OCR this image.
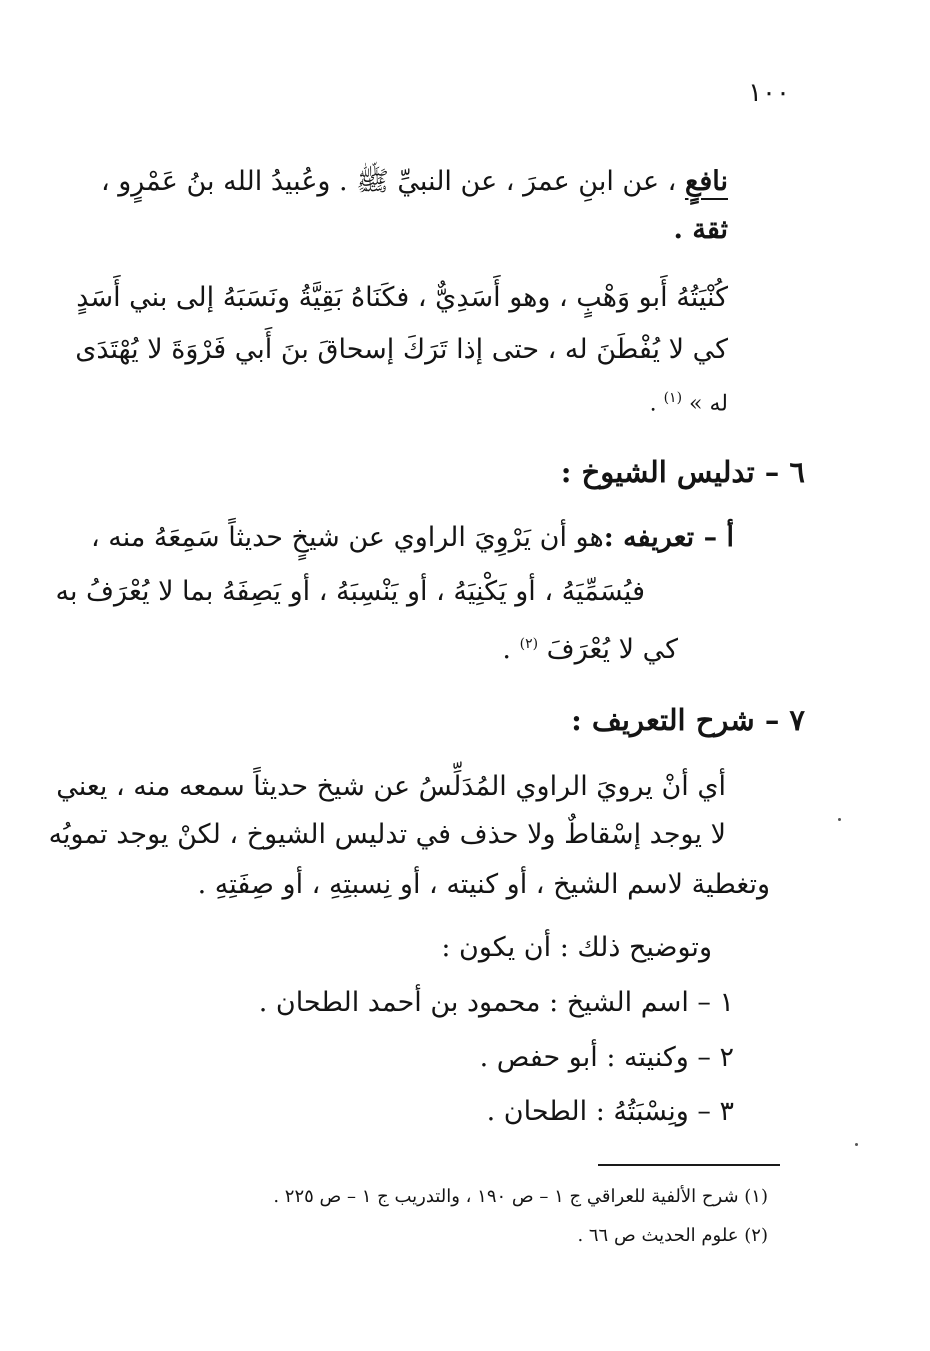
١٠٠
نافعٍ ، عن ابنِ عمرَ ، عن النبيِّ ﷺ . وعُبيدُ الله بنُ عَمْرٍو ،
ثقة .
كُنْيَتُهُ أَبو وَهْبٍ ، وهو أَسَدِيٌّ ، فكَنَاهُ بَقِيَّةُ ونَسَبَهُ إلى بني أَسَدٍ
كي لا يُفْطَنَ له ، حتى إذا تَرَكَ إسحاقَ بنَ أَبي فَرْوَةَ لا يُهْتَدَى
له » $^{(١)}$ .
٦ – تدليس الشيوخ :
أ – تعريفه :هو أن يَرْوِيَ الراوي عن شيخٍ حديثاً سَمِعَهُ منه ،
فيُسَمِّيَهُ ، أو يَكْنِيَهُ ، أو يَنْسِبَهُ ، أو يَصِفَهُ بما لا يُعْرَفُ به
كي لا يُعْرَفَ $^{(٢)}$ .
٧ – شرح التعريف :
أي أنْ يرويَ الراوي المُدَلِّسُ عن شيخ حديثاً سمعه منه ، يعني
لا يوجد إسْقاطٌ ولا حذف في تدليس الشيوخ ، لكنْ يوجد تمويُه
وتغطية لاسم الشيخ ، أو كنيته ، أو نِسبتِهِ ، أو صِفَتِهِ .
وتوضيح ذلك : أن يكون :
١ – اسم الشيخ : محمود بن أحمد الطحان .
٢ – وكنيته : أبو حفص .
٣ – ونِسْبَتُهُ : الطحان .
(١) شرح الألفية للعراقي ج ١ – ص ١٩٠ ، والتدريب ج ١ – ص ٢٢٥ .
(٢) علوم الحديث ص ٦٦ .
